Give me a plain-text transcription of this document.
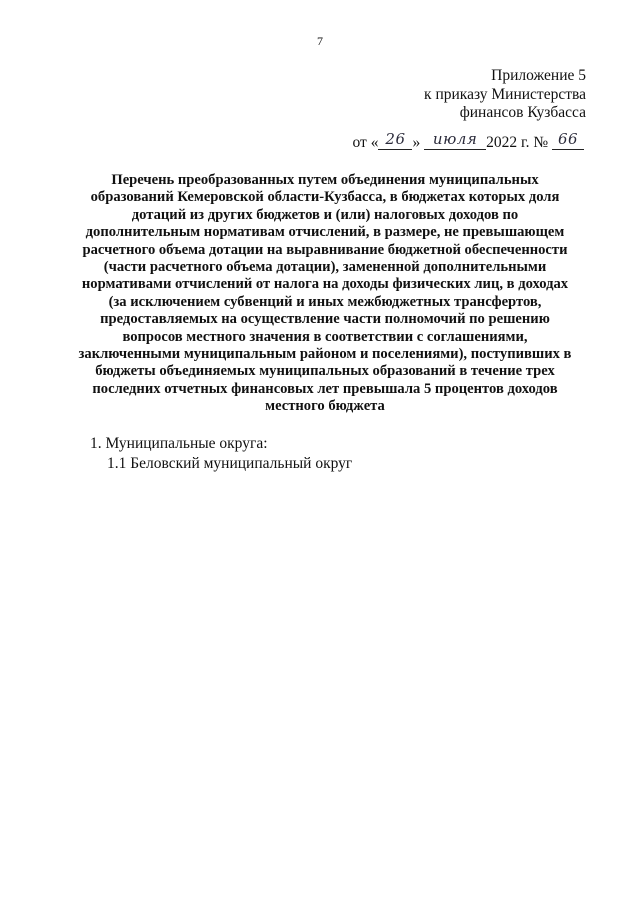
7
Приложение 5
к приказу Министерства
финансов Кузбасса
от « 26 » июля 2022 г. № 66
Перечень преобразованных путем объединения муниципальных
образований Кемеровской области-Кузбасса, в бюджетах которых доля
дотаций из других бюджетов и (или) налоговых доходов по
дополнительным нормативам отчислений, в размере, не превышающем
расчетного объема дотации на выравнивание бюджетной обеспеченности
(части расчетного объема дотации), замененной дополнительными
нормативами отчислений от налога на доходы физических лиц, в доходах
(за исключением субвенций и иных межбюджетных трансфертов,
предоставляемых на осуществление части полномочий по решению
вопросов местного значения в соответствии с соглашениями,
заключенными муниципальным районом и поселениями), поступивших в
бюджеты объединяемых муниципальных образований в течение трех
последних отчетных финансовых лет превышала 5 процентов доходов
местного бюджета
1. Муниципальные округа:
1.1 Беловский муниципальный округ
